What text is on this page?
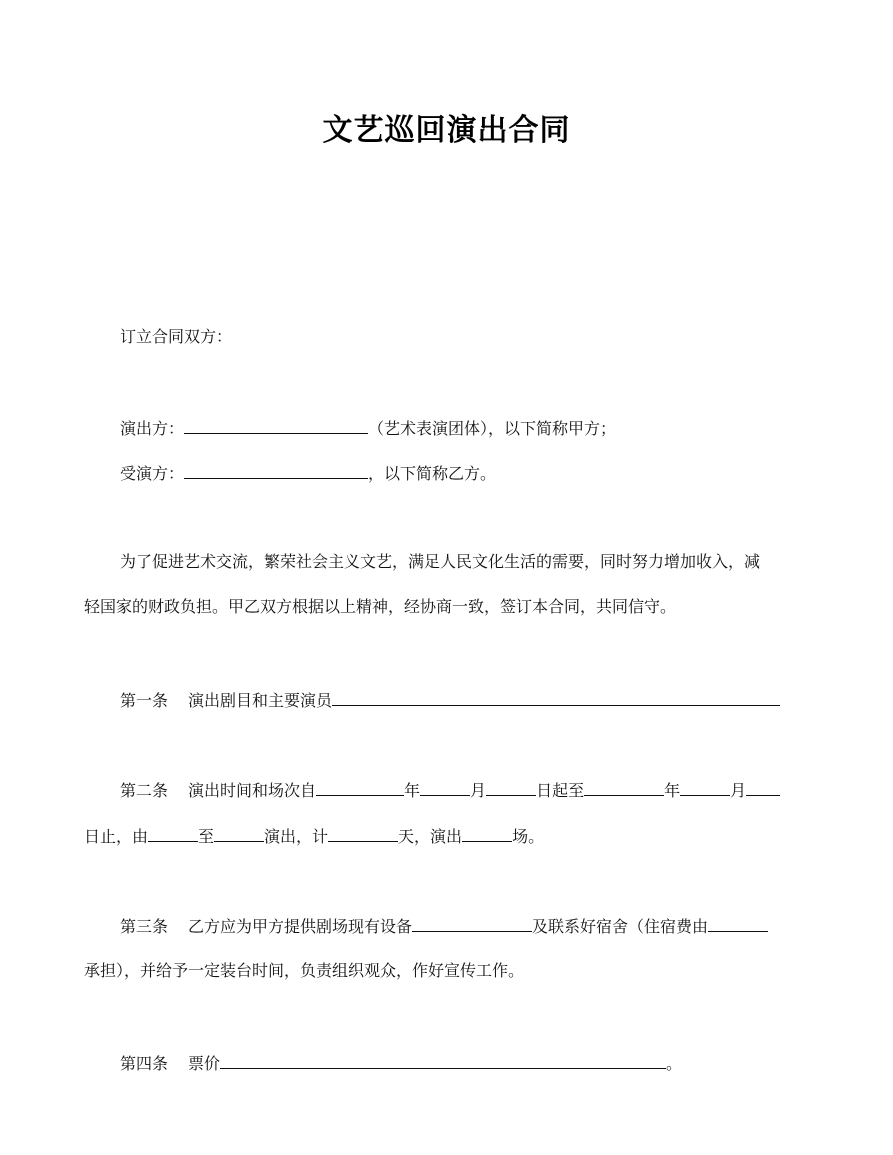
文艺巡回演出合同
订立合同双方：
演出方：	（艺术表演团体），以下简称甲方；
受演方：	，以下简称乙方。
为了促进艺术交流，繁荣社会主义文艺，满足人民文化生活的需要，同时努力增加收入，减
轻国家的财政负担。甲乙双方根据以上精神，经协商一致，签订本合同，共同信守。
第一条 演出剧目和主要演员
第二条 演出时间和场次自	年	月	日起至	年	月
日止，由	至	演出，计	天，演出	场。
第三条 乙方应为甲方提供剧场现有设备	及联系好宿舍（住宿费由
承担），并给予一定装台时间，负责组织观众，作好宣传工作。
第四条 票价	。
